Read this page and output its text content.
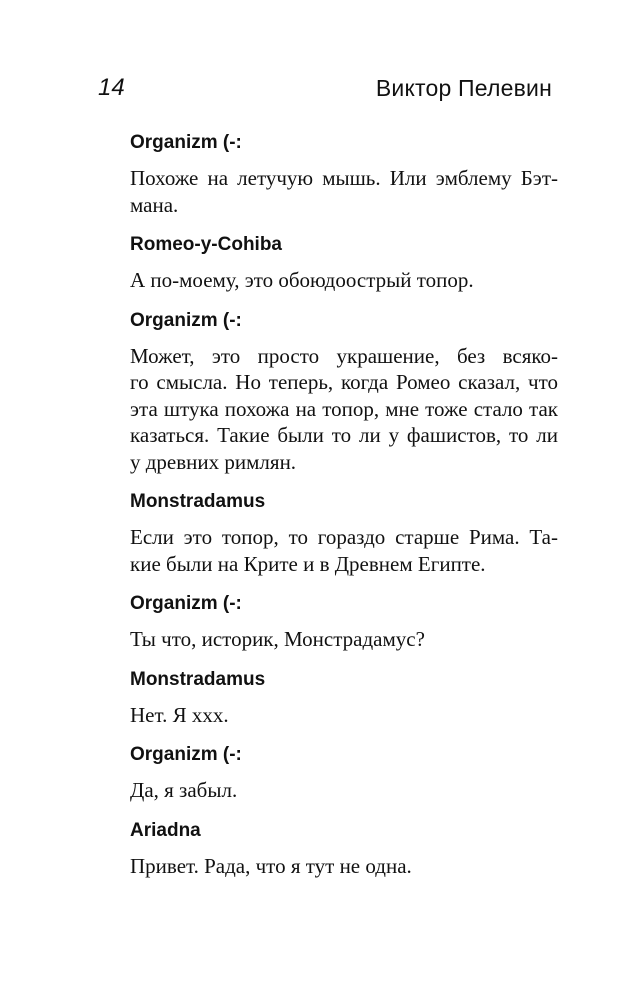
14	Виктор Пелевин
Organizm (-:
Похоже на летучую мышь. Или эмблему Бэт-
мана.
Romeo-y-Cohiba
А по-моему, это обоюдоострый топор.
Organizm (-:
Может, это просто украшение, без всяко-
го смысла. Но теперь, когда Ромео сказал, что
эта штука похожа на топор, мне тоже стало так
казаться. Такие были то ли у фашистов, то ли
у древних римлян.
Monstradamus
Если это топор, то гораздо старше Рима. Та-
кие были на Крите и в Древнем Египте.
Organizm (-:
Ты что, историк, Монстрадамус?
Monstradamus
Нет. Я ххх.
Organizm (-:
Да, я забыл.
Ariadna
Привет. Рада, что я тут не одна.
